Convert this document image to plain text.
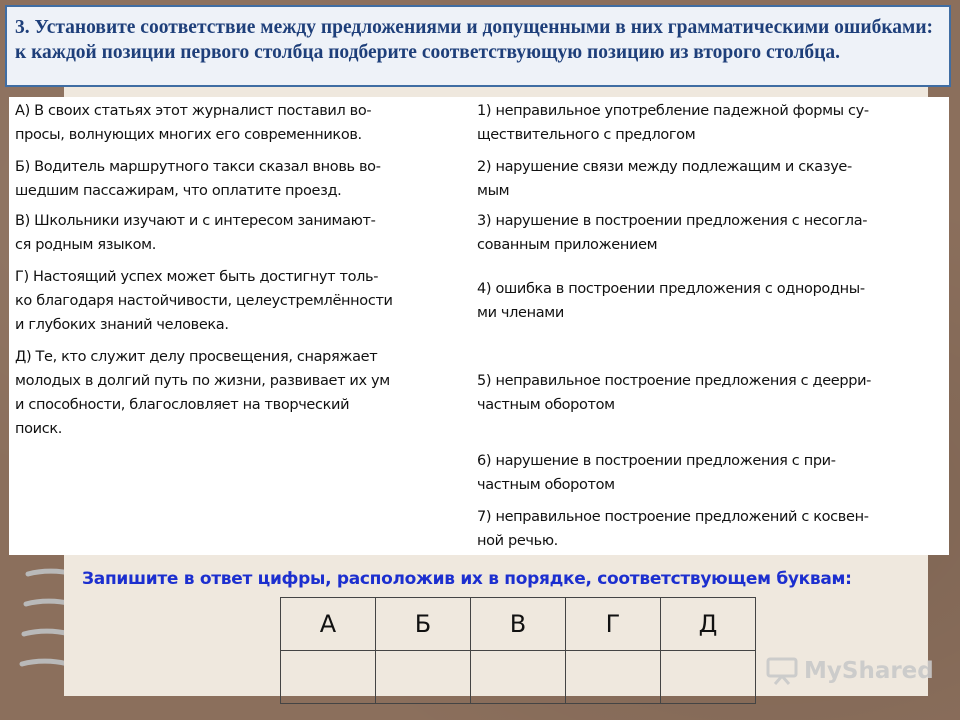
3. Установите соответствие между предложениями и допущенными в них грамматическими ошибками: к каждой позиции первого столбца подберите соответствующую позицию из второго столбца.
А) В своих статьях этот журналист поставил во-
просы, волнующих многих его современников.
Б) Водитель маршрутного такси сказал вновь во-
шедшим пассажирам, что оплатите проезд.
В) Школьники изучают и с интересом занимают-
ся родным языком.
Г) Настоящий успех может быть достигнут толь-
ко благодаря настойчивости, целеустремлённости
и глубоких знаний человека.
Д) Те, кто служит делу просвещения, снаряжает
молодых в долгий путь по жизни, развивает их ум
и способности, благословляет на творческий
поиск.
1) неправильное употребление падежной формы су-
ществительного с предлогом
2) нарушение связи между подлежащим и сказуе-
мым
3) нарушение в построении предложения с несогла-
сованным приложением
4) ошибка в построении предложения с однородны-
ми членами
5) неправильное построение предложения с дееpри-
частным оборотом
6) нарушение в построении предложения с при-
частным оборотом
7) неправильное построение предложений с косвен-
ной речью.
Запишите в ответ цифры, расположив их в порядке, соответствующем буквам:
А	Б	В	Г	Д

MyShared
